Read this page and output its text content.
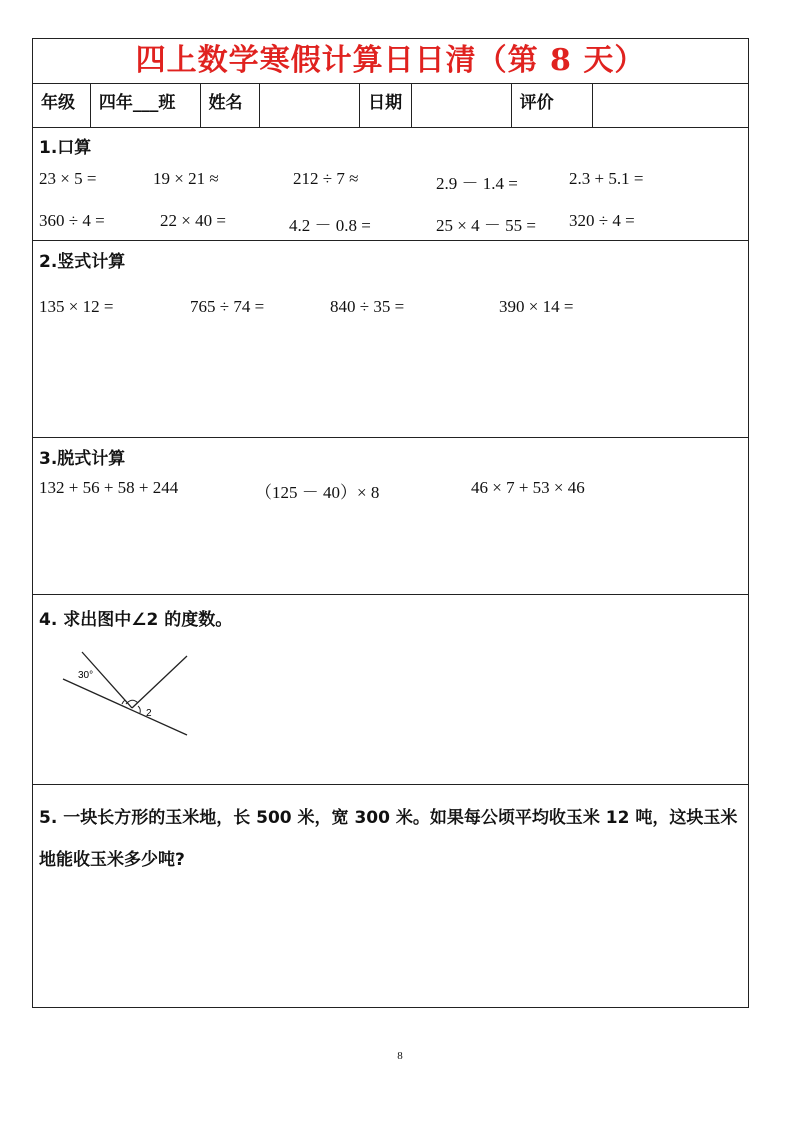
四上数学寒假计算日日清（第 8 天）
年级	四年___班	姓名	日期	评价
1.口算
23 × 5 =	19 × 21 ≈	212 ÷ 7 ≈	2.9 － 1.4 =	2.3 + 5.1 =
360 ÷ 4 =	22 × 40 =	4.2 － 0.8 =	25 × 4 － 55 = 320 ÷ 4 =
2.竖式计算
135 × 12 =	765 ÷ 74 =	840 ÷ 35 =	390 × 14 =
3.脱式计算
132 + 56 + 58 + 244	（125 － 40）× 8	46 × 7 + 53 × 46
4. 求出图中∠2 的度数。
30°
2
5. 一块长方形的玉米地，长 500 米，宽 300 米。如果每公顷平均收玉米 12 吨，这块玉米地能收玉米多少吨?
8
